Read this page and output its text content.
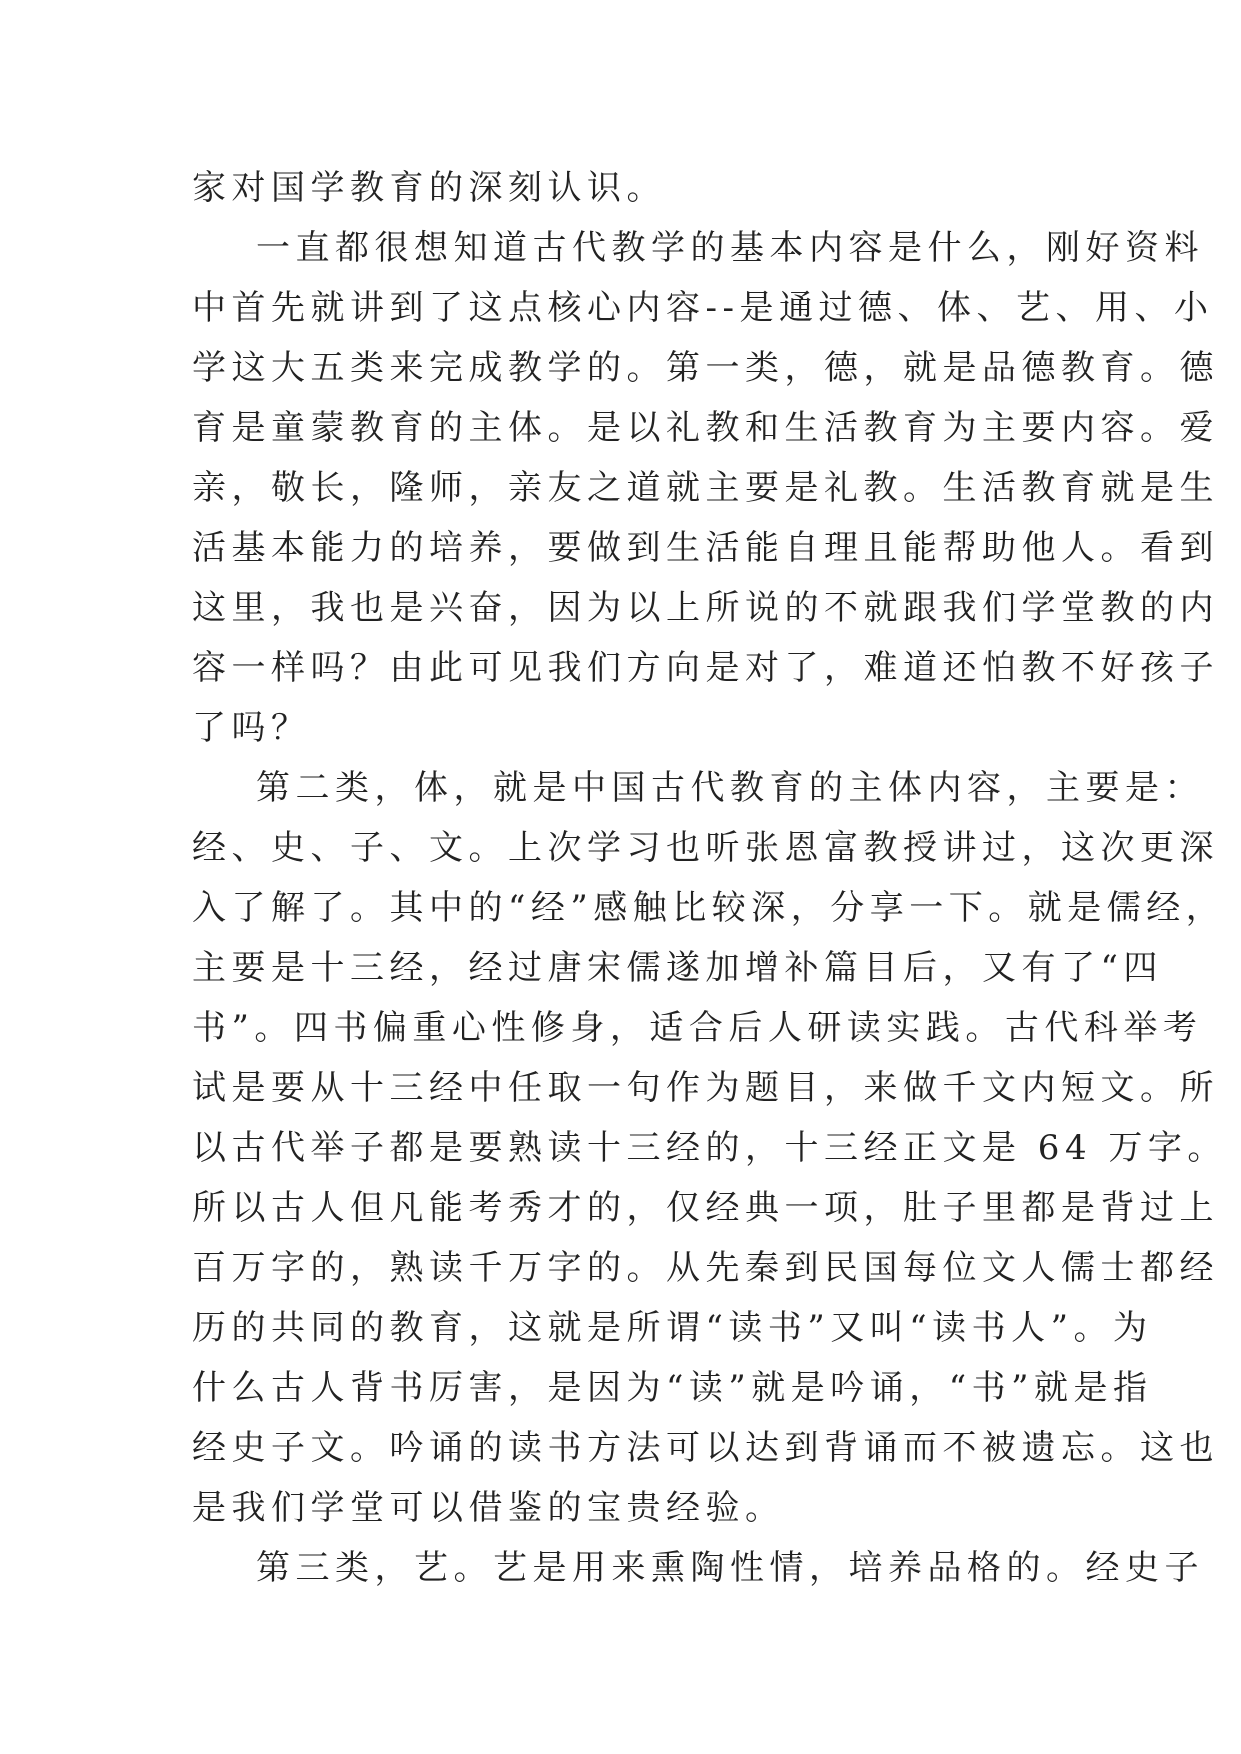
家对国学教育的深刻认识。
一直都很想知道古代教学的基本内容是什么，刚好资料
中首先就讲到了这点核心内容--是通过德、体、艺、用、小
学这大五类来完成教学的。第一类，德，就是品德教育。德
育是童蒙教育的主体。是以礼教和生活教育为主要内容。爱
亲，敬长，隆师，亲友之道就主要是礼教。生活教育就是生
活基本能力的培养，要做到生活能自理且能帮助他人。看到
这里，我也是兴奋，因为以上所说的不就跟我们学堂教的内
容一样吗？由此可见我们方向是对了，难道还怕教不好孩子
了吗？
第二类，体，就是中国古代教育的主体内容，主要是：
经、史、子、文。上次学习也听张恩富教授讲过，这次更深
入了解了。其中的“经”感触比较深，分享一下。就是儒经，
主要是十三经，经过唐宋儒遂加增补篇目后，又有了“四
书”。四书偏重心性修身，适合后人研读实践。古代科举考
试是要从十三经中任取一句作为题目，来做千文内短文。所
以古代举子都是要熟读十三经的，十三经正文是 64 万字。
所以古人但凡能考秀才的，仅经典一项，肚子里都是背过上
百万字的，熟读千万字的。从先秦到民国每位文人儒士都经
历的共同的教育，这就是所谓“读书”又叫“读书人”。为
什么古人背书厉害，是因为“读”就是吟诵，“书”就是指
经史子文。吟诵的读书方法可以达到背诵而不被遗忘。这也
是我们学堂可以借鉴的宝贵经验。
第三类，艺。艺是用来熏陶性情，培养品格的。经史子
